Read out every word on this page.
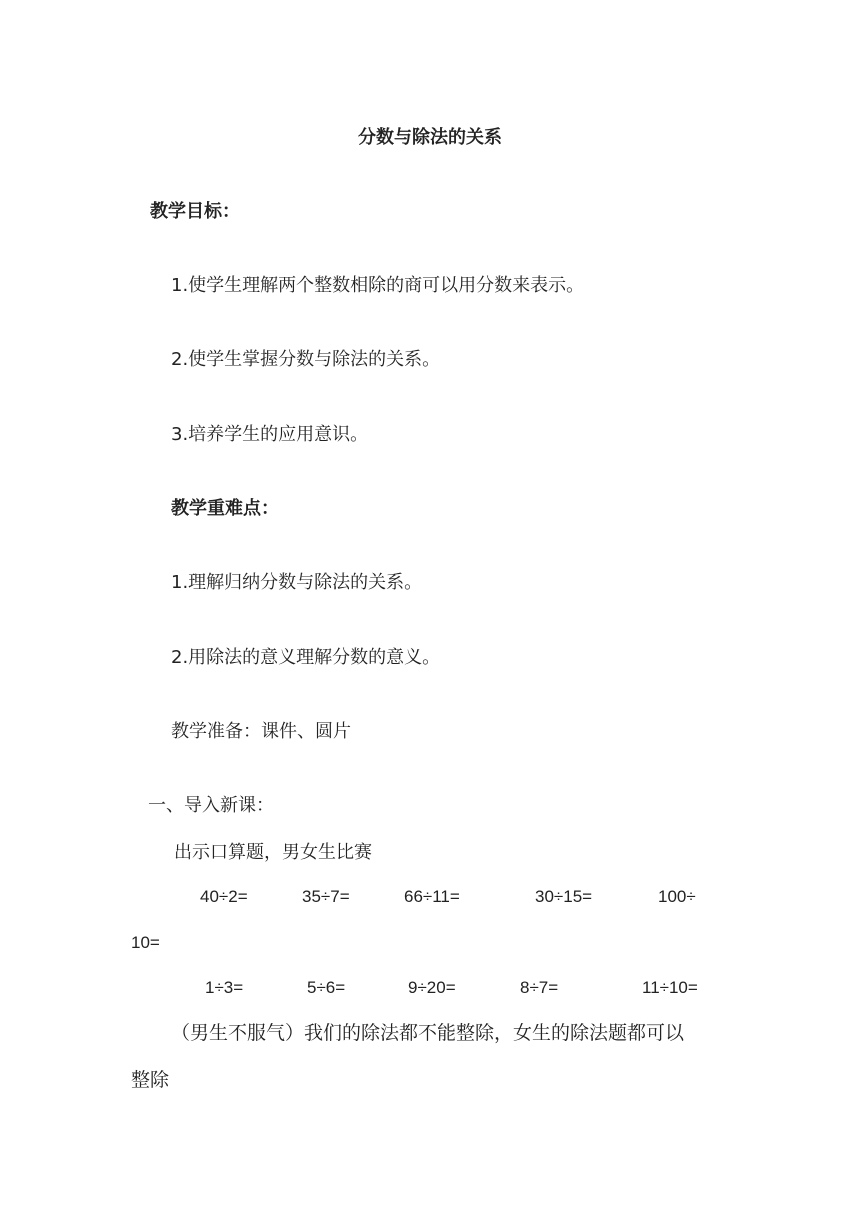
分数与除法的关系
教学目标：
1.使学生理解两个整数相除的商可以用分数来表示。
2.使学生掌握分数与除法的关系。
3.培养学生的应用意识。
教学重难点：
1.理解归纳分数与除法的关系。
2.用除法的意义理解分数的意义。
教学准备：课件、圆片
一、导入新课：
出示口算题，男女生比赛
40÷2=	35÷7=	66÷11=	30÷15=	100÷
10=
1÷3=	5÷6=	9÷20=	8÷7=	11÷10=
（男生不服气）我们的除法都不能整除，女生的除法题都可以
整除
